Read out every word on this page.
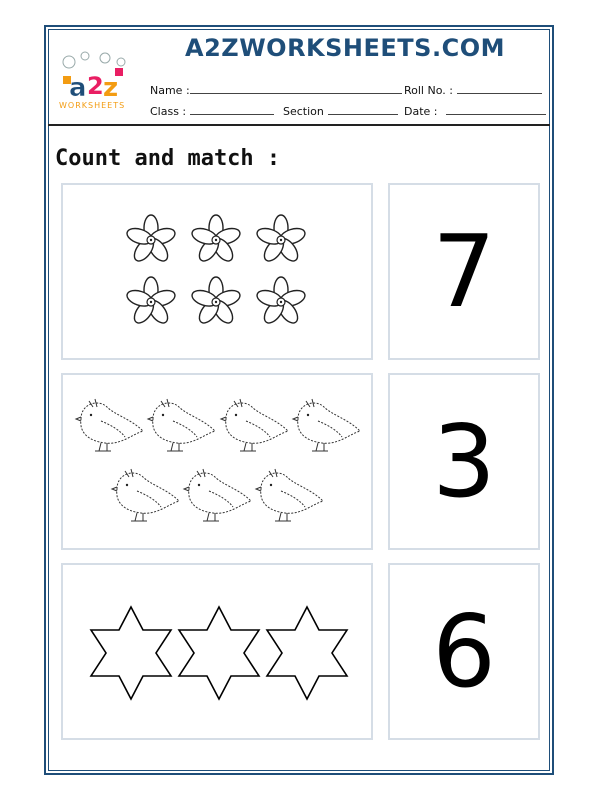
a 2 z
WORKSHEETS
A2ZWORKSHEETS.COM
Name :	Roll No. :
Class :	Section	Date :
Count and match :
7
3
6
